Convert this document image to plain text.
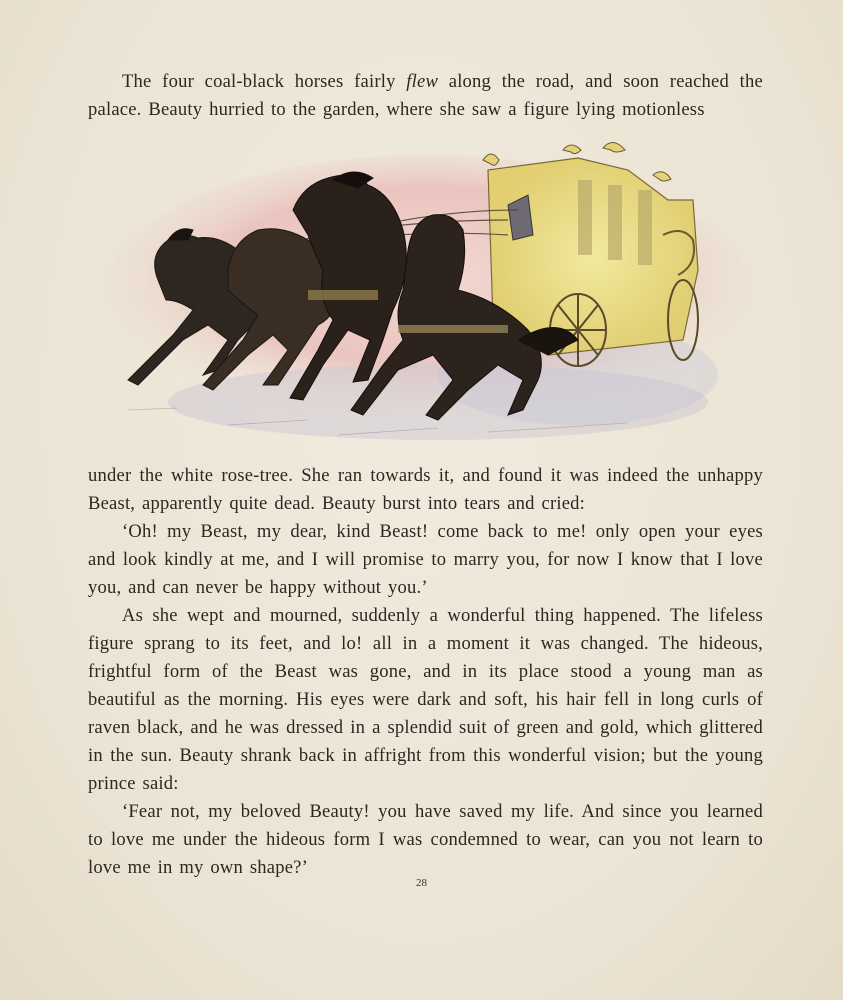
The four coal-black horses fairly flew along the road, and soon reached the palace. Beauty hurried to the garden, where she saw a figure lying motionless

under the white rose-tree. She ran towards it, and found it was indeed the unhappy Beast, apparently quite dead. Beauty burst into tears and cried:

‘Oh! my Beast, my dear, kind Beast! come back to me! only open your eyes and look kindly at me, and I will promise to marry you, for now I know that I love you, and can never be happy without you.’

As she wept and mourned, suddenly a wonderful thing happened. The lifeless figure sprang to its feet, and lo! all in a moment it was changed. The hideous, frightful form of the Beast was gone, and in its place stood a young man as beautiful as the morning. His eyes were dark and soft, his hair fell in long curls of raven black, and he was dressed in a splendid suit of green and gold, which glittered in the sun. Beauty shrank back in affright from this wonderful vision; but the young prince said:

‘Fear not, my beloved Beauty! you have saved my life. And since you learned to love me under the hideous form I was condemned to wear, can you not learn to love me in my own shape?’

28
